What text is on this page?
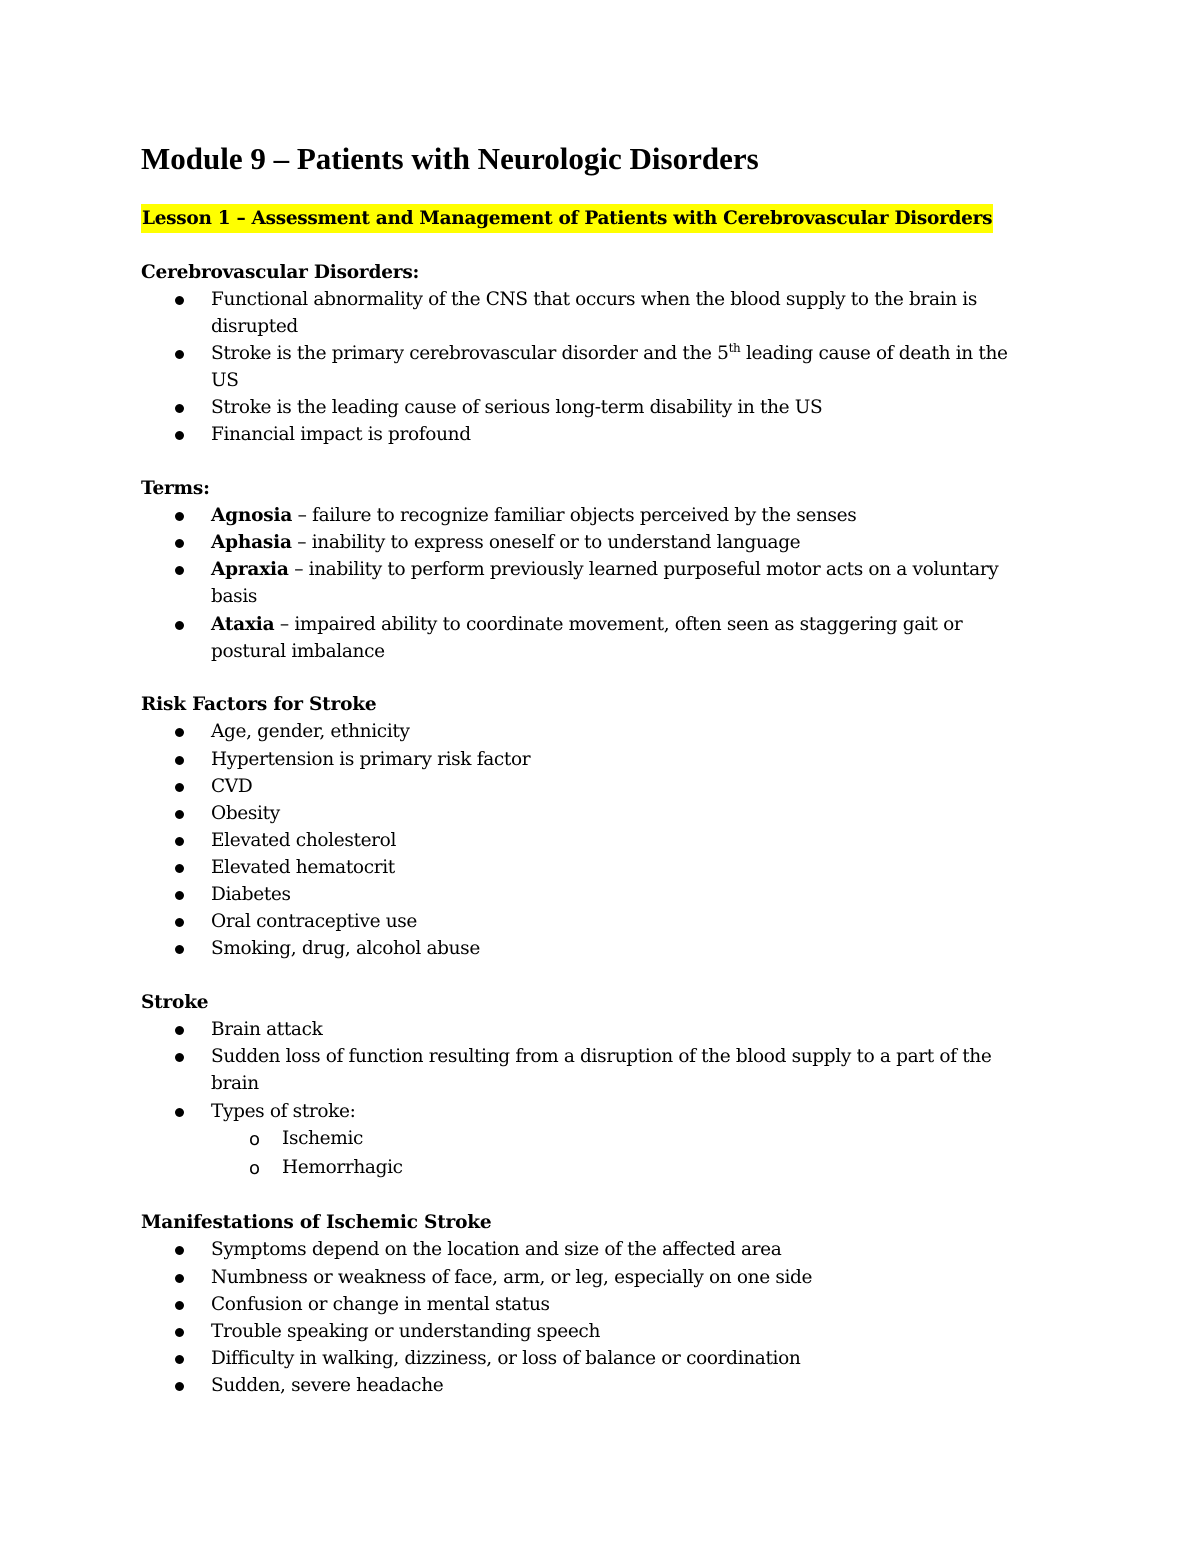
Module 9 – Patients with Neurologic Disorders
Lesson 1 – Assessment and Management of Patients with Cerebrovascular Disorders
Cerebrovascular Disorders:
Functional abnormality of the CNS that occurs when the blood supply to the brain is
disrupted
Stroke is the primary cerebrovascular disorder and the 5th leading cause of death in the
US
Stroke is the leading cause of serious long-term disability in the US
Financial impact is profound
Terms:
Agnosia – failure to recognize familiar objects perceived by the senses
Aphasia – inability to express oneself or to understand language
Apraxia – inability to perform previously learned purposeful motor acts on a voluntary
basis
Ataxia – impaired ability to coordinate movement, often seen as staggering gait or
postural imbalance
Risk Factors for Stroke
Age, gender, ethnicity
Hypertension is primary risk factor
CVD
Obesity
Elevated cholesterol
Elevated hematocrit
Diabetes
Oral contraceptive use
Smoking, drug, alcohol abuse
Stroke
Brain attack
Sudden loss of function resulting from a disruption of the blood supply to a part of the
brain
Types of stroke:
o Ischemic
o Hemorrhagic
Manifestations of Ischemic Stroke
Symptoms depend on the location and size of the affected area
Numbness or weakness of face, arm, or leg, especially on one side
Confusion or change in mental status
Trouble speaking or understanding speech
Difficulty in walking, dizziness, or loss of balance or coordination
Sudden, severe headache
